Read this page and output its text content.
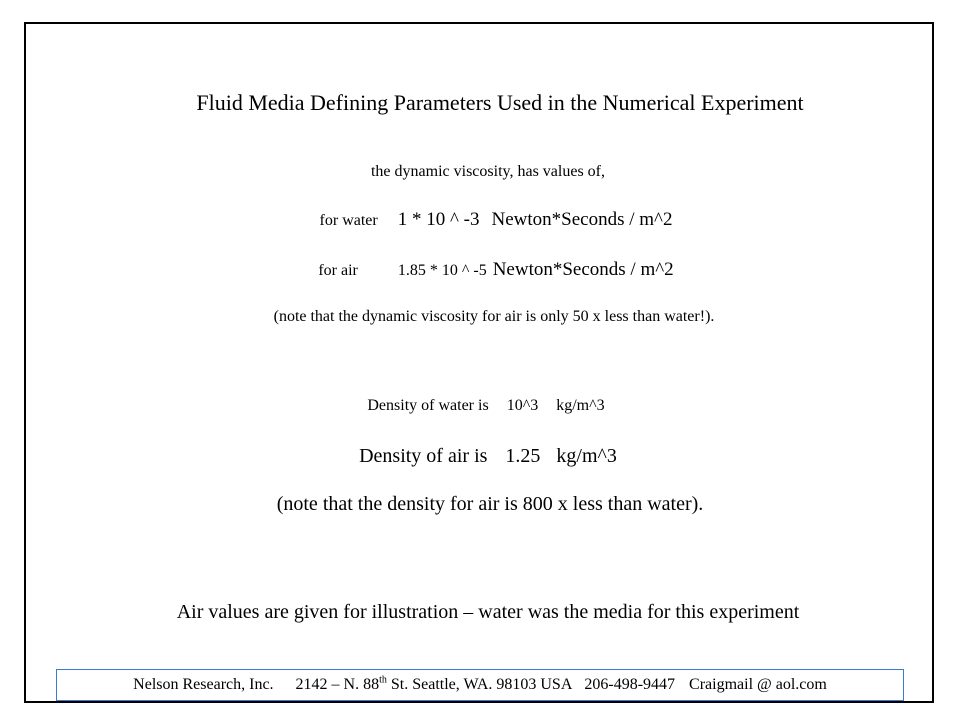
Fluid Media Defining Parameters Used in the Numerical Experiment
the dynamic viscosity, has values of,
for water 1 * 10 ^ -3 Newton*Seconds / m^2
for air	1.85 * 10 ^ -5 Newton*Seconds / m^2
(note that the dynamic viscosity for air is only 50 x less than water!).
Density of water is 10^3 kg/m^3
Density of air is 1.25 kg/m^3
(note that the density for air is 800 x less than water).
Air values are given for illustration – water was the media for this experiment
Nelson Research, Inc. 2142 – N. 88th St. Seattle, WA. 98103 USA 206-498-9447 Craigmail @ aol.com
